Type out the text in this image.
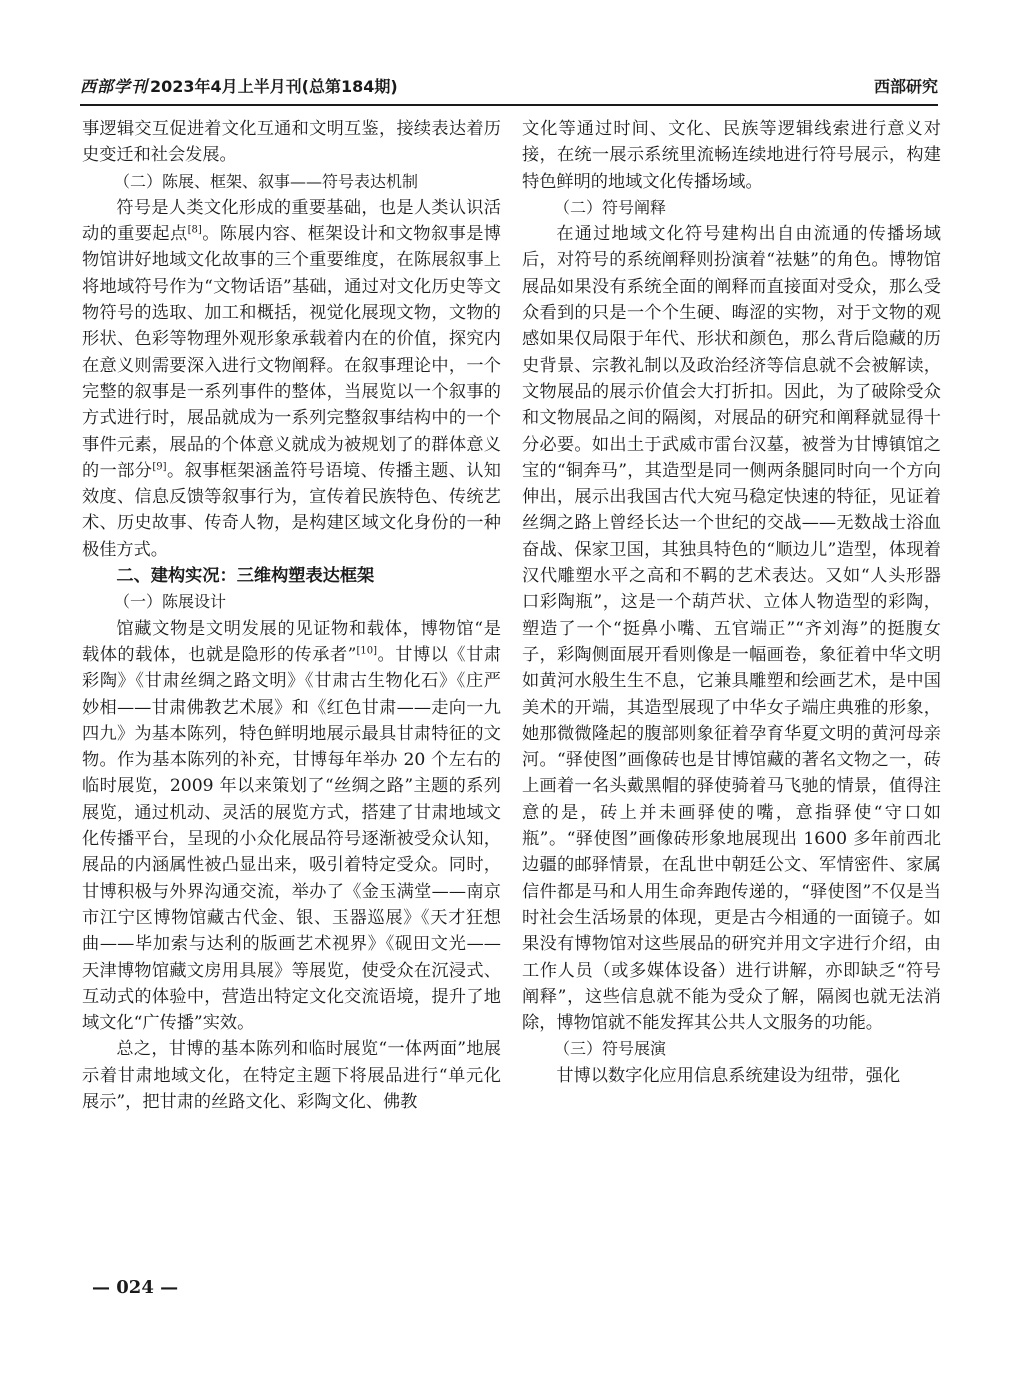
西部学刊 2023年4月上半月刊(总第184期)	西部研究

事逻辑交互促进着文化互通和文明互鉴，接续表达着历史变迁和社会发展。

（二）陈展、框架、叙事——符号表达机制

符号是人类文化形成的重要基础，也是人类认识活动的重要起点[8]。陈展内容、框架设计和文物叙事是博物馆讲好地域文化故事的三个重要维度，在陈展叙事上将地域符号作为“文物话语”基础，通过对文化历史等文物符号的选取、加工和概括，视觉化展现文物，文物的形状、色彩等物理外观形象承载着内在的价值，探究内在意义则需要深入进行文物阐释。在叙事理论中，一个完整的叙事是一系列事件的整体，当展览以一个叙事的方式进行时，展品就成为一系列完整叙事结构中的一个事件元素，展品的个体意义就成为被规划了的群体意义的一部分[9]。叙事框架涵盖符号语境、传播主题、认知效度、信息反馈等叙事行为，宣传着民族特色、传统艺术、历史故事、传奇人物，是构建区域文化身份的一种极佳方式。

二、建构实况：三维构塑表达框架
（一）陈展设计

馆藏文物是文明发展的见证物和载体，博物馆“是载体的载体，也就是隐形的传承者”[10]。甘博以《甘肃彩陶》《甘肃丝绸之路文明》《甘肃古生物化石》《庄严妙相——甘肃佛教艺术展》和《红色甘肃——走向一九四九》为基本陈列，特色鲜明地展示最具甘肃特征的文物。作为基本陈列的补充，甘博每年举办 20 个左右的临时展览，2009 年以来策划了“丝绸之路”主题的系列展览，通过机动、灵活的展览方式，搭建了甘肃地域文化传播平台，呈现的小众化展品符号逐渐被受众认知，展品的内涵属性被凸显出来，吸引着特定受众。同时，甘博积极与外界沟通交流，举办了《金玉满堂——南京市江宁区博物馆藏古代金、银、玉器巡展》《天才狂想曲——毕加索与达利的版画艺术视界》《砚田文光——天津博物馆藏文房用具展》等展览，使受众在沉浸式、互动式的体验中，营造出特定文化交流语境，提升了地域文化“广传播”实效。

总之，甘博的基本陈列和临时展览“一体两面”地展示着甘肃地域文化，在特定主题下将展品进行“单元化展示”，把甘肃的丝路文化、彩陶文化、佛教

文化等通过时间、文化、民族等逻辑线索进行意义对接，在统一展示系统里流畅连续地进行符号展示，构建特色鲜明的地域文化传播场域。

（二）符号阐释

在通过地域文化符号建构出自由流通的传播场域后，对符号的系统阐释则扮演着“祛魅”的角色。博物馆展品如果没有系统全面的阐释而直接面对受众，那么受众看到的只是一个个生硬、晦涩的实物，对于文物的观感如果仅局限于年代、形状和颜色，那么背后隐藏的历史背景、宗教礼制以及政治经济等信息就不会被解读，文物展品的展示价值会大打折扣。因此，为了破除受众和文物展品之间的隔阂，对展品的研究和阐释就显得十分必要。如出土于武威市雷台汉墓，被誉为甘博镇馆之宝的“铜奔马”，其造型是同一侧两条腿同时向一个方向伸出，展示出我国古代大宛马稳定快速的特征，见证着丝绸之路上曾经长达一个世纪的交战——无数战士浴血奋战、保家卫国，其独具特色的“顺边儿”造型，体现着汉代雕塑水平之高和不羁的艺术表达。又如“人头形器口彩陶瓶”，这是一个葫芦状、立体人物造型的彩陶，塑造了一个“挺鼻小嘴、五官端正”“齐刘海”的挺腹女子，彩陶侧面展开看则像是一幅画卷，象征着中华文明如黄河水般生生不息，它兼具雕塑和绘画艺术，是中国美术的开端，其造型展现了中华女子端庄典雅的形象，她那微微隆起的腹部则象征着孕育华夏文明的黄河母亲河。“驿使图”画像砖也是甘博馆藏的著名文物之一，砖上画着一名头戴黑帽的驿使骑着马飞驰的情景，值得注意的是，砖上并未画驿使的嘴，意指驿使“守口如瓶”。“驿使图”画像砖形象地展现出 1600 多年前西北边疆的邮驿情景，在乱世中朝廷公文、军情密件、家属信件都是马和人用生命奔跑传递的，“驿使图”不仅是当时社会生活场景的体现，更是古今相通的一面镜子。如果没有博物馆对这些展品的研究并用文字进行介绍，由工作人员（或多媒体设备）进行讲解，亦即缺乏“符号阐释”，这些信息就不能为受众了解，隔阂也就无法消除，博物馆就不能发挥其公共人文服务的功能。

（三）符号展演

甘博以数字化应用信息系统建设为纽带，强化

— 024 —
